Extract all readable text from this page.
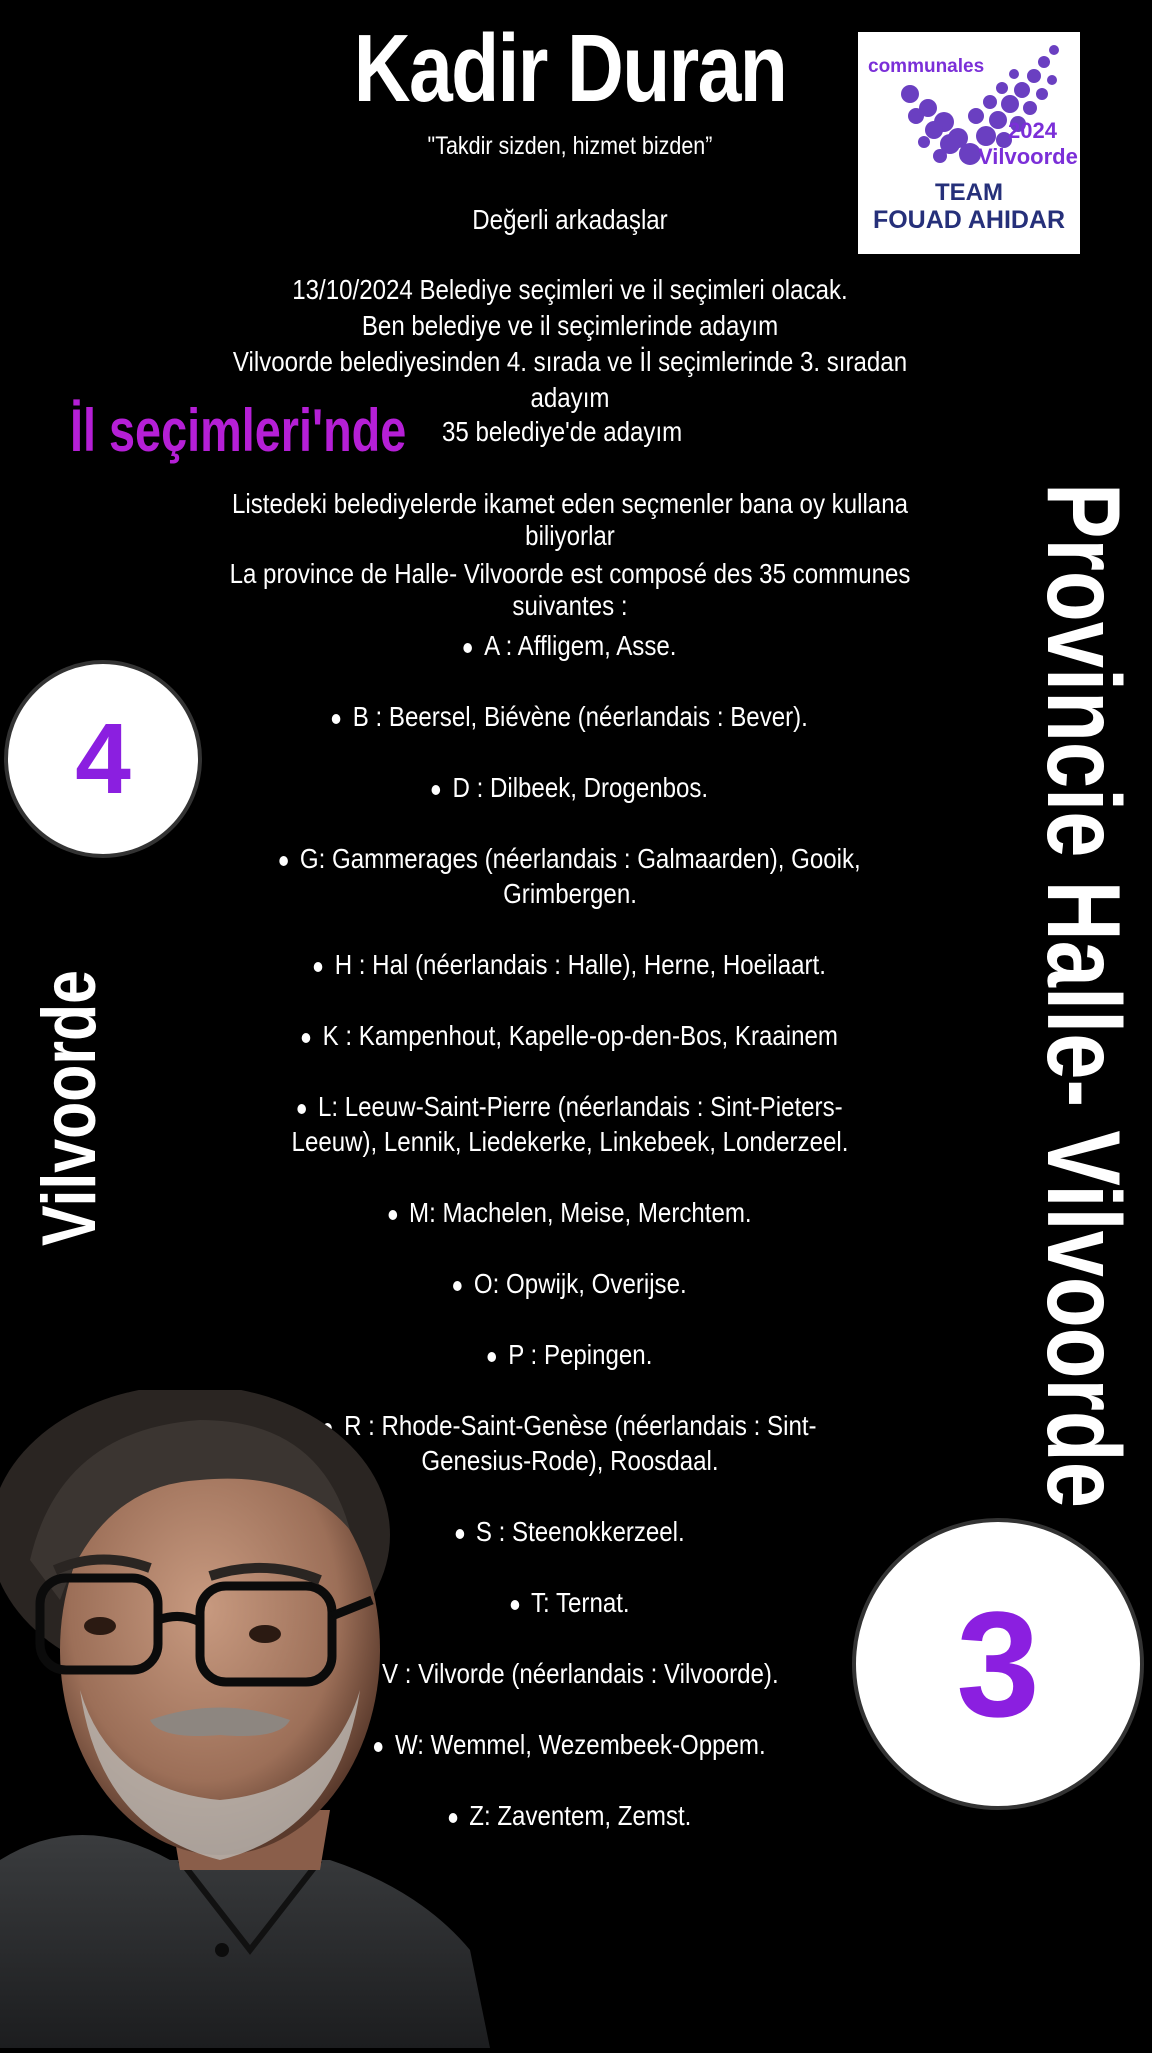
Kadir Duran
"Takdir sizden, hizmet bizden”
Değerli arkadaşlar
13/10/2024 Belediye seçimleri ve il seçimleri olacak.
Ben belediye ve il seçimlerinde adayım
Vilvoorde belediyesinden 4. sırada ve İl seçimlerinde 3. sıradan adayım
İl seçimleri'nde 35 belediye'de adayım
Listedeki belediyelerde ikamet eden seçmenler bana oy kullana biliyorlar
La province de Halle- Vilvoorde est composé des 35 communes suivantes :
A : Affligem, Asse.
B : Beersel, Biévène (néerlandais : Bever).
D : Dilbeek, Drogenbos.
G: Gammerages (néerlandais : Galmaarden), Gooik, Grimbergen.
H : Hal (néerlandais : Halle), Herne, Hoeilaart.
K : Kampenhout, Kapelle-op-den-Bos, Kraainem
L: Leeuw-Saint-Pierre (néerlandais : Sint-Pieters-Leeuw), Lennik, Liedekerke, Linkebeek, Londerzeel.
M: Machelen, Meise, Merchtem.
O: Opwijk, Overijse.
P : Pepingen.
R : Rhode-Saint-Genèse (néerlandais : Sint-Genesius-Rode), Roosdaal.
S : Steenokkerzeel.
T: Ternat.
V : Vilvorde (néerlandais : Vilvoorde).
W: Wemmel, Wezembeek-Oppem.
Z: Zaventem, Zemst.
communales
2024
Vilvoorde
TEAM
FOUAD AHIDAR
4
Vilvoorde	Provincie Halle- Vilvoorde
3
